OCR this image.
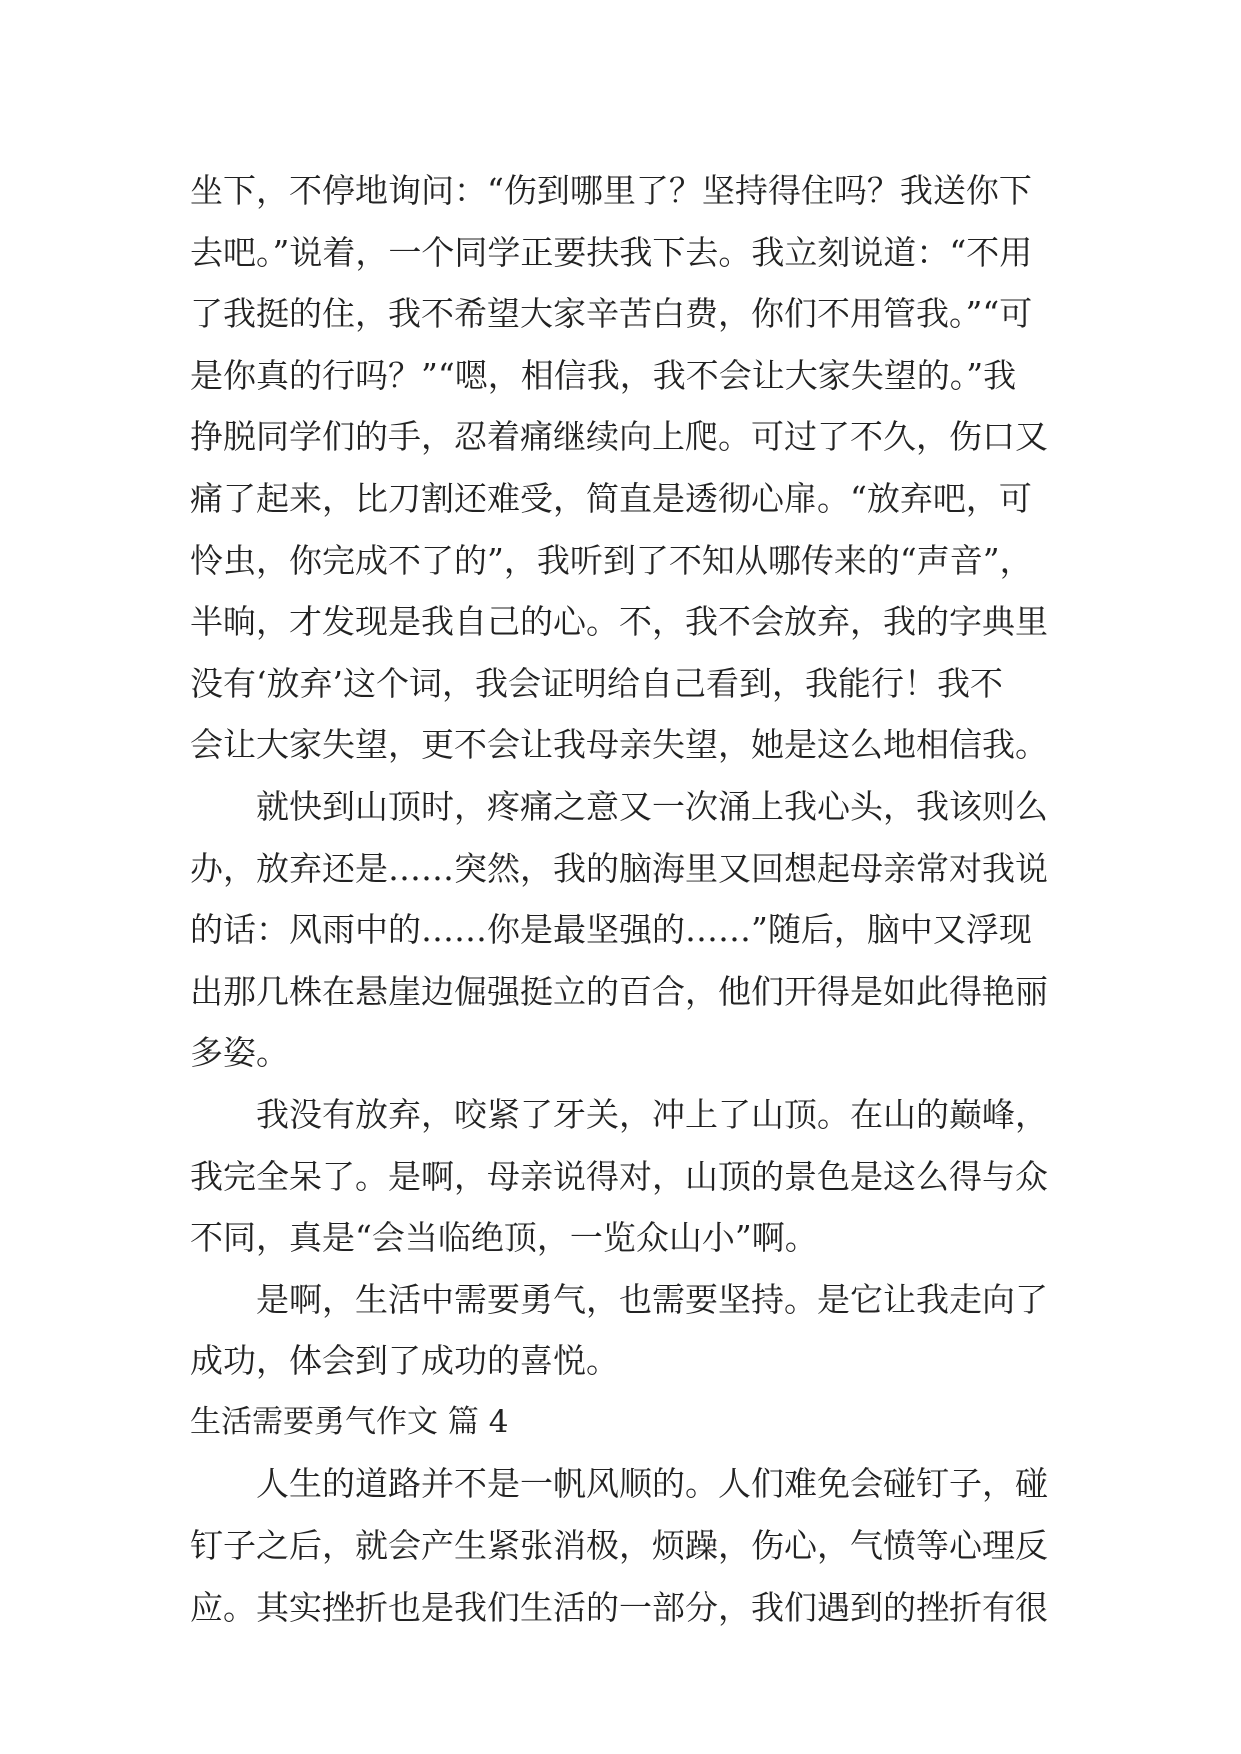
坐下，不停地询问：“伤到哪里了？坚持得住吗？我送你下
去吧。”说着，一个同学正要扶我下去。我立刻说道：“不用
了我挺的住，我不希望大家辛苦白费，你们不用管我。”“可
是你真的行吗？”“嗯，相信我，我不会让大家失望的。”我
挣脱同学们的手，忍着痛继续向上爬。可过了不久，伤口又
痛了起来，比刀割还难受，简直是透彻心扉。“放弃吧，可
怜虫，你完成不了的”，我听到了不知从哪传来的“声音”，
半晌，才发现是我自己的心。不，我不会放弃，我的字典里
没有‘放弃’这个词，我会证明给自己看到，我能行！我不
会让大家失望，更不会让我母亲失望，她是这么地相信我。
就快到山顶时，疼痛之意又一次涌上我心头，我该则么
办，放弃还是……突然，我的脑海里又回想起母亲常对我说
的话：风雨中的……你是最坚强的……”随后，脑中又浮现
出那几株在悬崖边倔强挺立的百合，他们开得是如此得艳丽
多姿。
我没有放弃，咬紧了牙关，冲上了山顶。在山的巅峰，
我完全呆了。是啊，母亲说得对，山顶的景色是这么得与众
不同，真是“会当临绝顶，一览众山小”啊。
是啊，生活中需要勇气，也需要坚持。是它让我走向了
成功，体会到了成功的喜悦。
生活需要勇气作文 篇 4
人生的道路并不是一帆风顺的。人们难免会碰钉子，碰
钉子之后，就会产生紧张消极，烦躁，伤心，气愤等心理反
应。其实挫折也是我们生活的一部分，我们遇到的挫折有很
